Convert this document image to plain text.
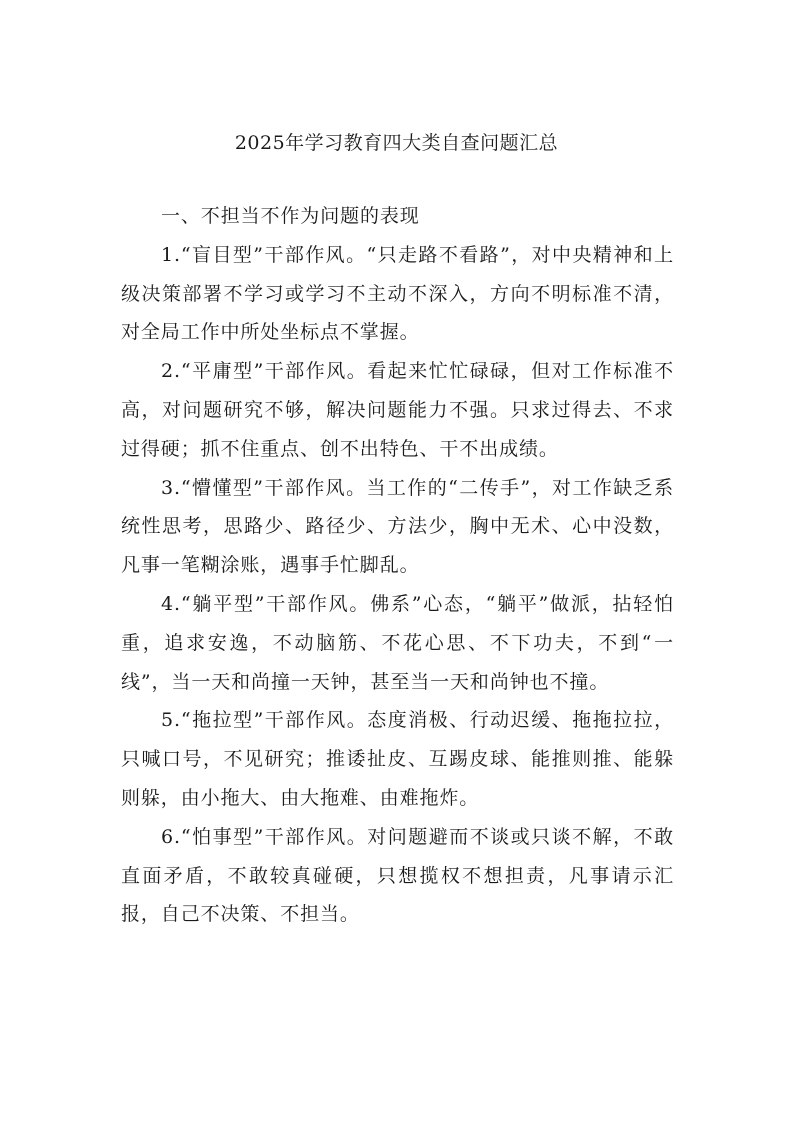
2025年学习教育四大类自查问题汇总

一、不担当不作为问题的表现

1.“盲目型”干部作风。“只走路不看路”，对中央精神和上级决策部署不学习或学习不主动不深入，方向不明标准不清，对全局工作中所处坐标点不掌握。

2.“平庸型”干部作风。看起来忙忙碌碌，但对工作标准不高，对问题研究不够，解决问题能力不强。只求过得去、不求过得硬；抓不住重点、创不出特色、干不出成绩。

3.“懵懂型”干部作风。当工作的“二传手”，对工作缺乏系统性思考，思路少、路径少、方法少，胸中无术、心中没数，凡事一笔糊涂账，遇事手忙脚乱。

4.“躺平型”干部作风。佛系”心态，“躺平”做派，拈轻怕重，追求安逸，不动脑筋、不花心思、不下功夫，不到“一线”，当一天和尚撞一天钟，甚至当一天和尚钟也不撞。

5.“拖拉型”干部作风。态度消极、行动迟缓、拖拖拉拉，只喊口号，不见研究；推诿扯皮、互踢皮球、能推则推、能躲则躲，由小拖大、由大拖难、由难拖炸。

6.“怕事型”干部作风。对问题避而不谈或只谈不解，不敢直面矛盾，不敢较真碰硬，只想揽权不想担责，凡事请示汇报，自己不决策、不担当。
